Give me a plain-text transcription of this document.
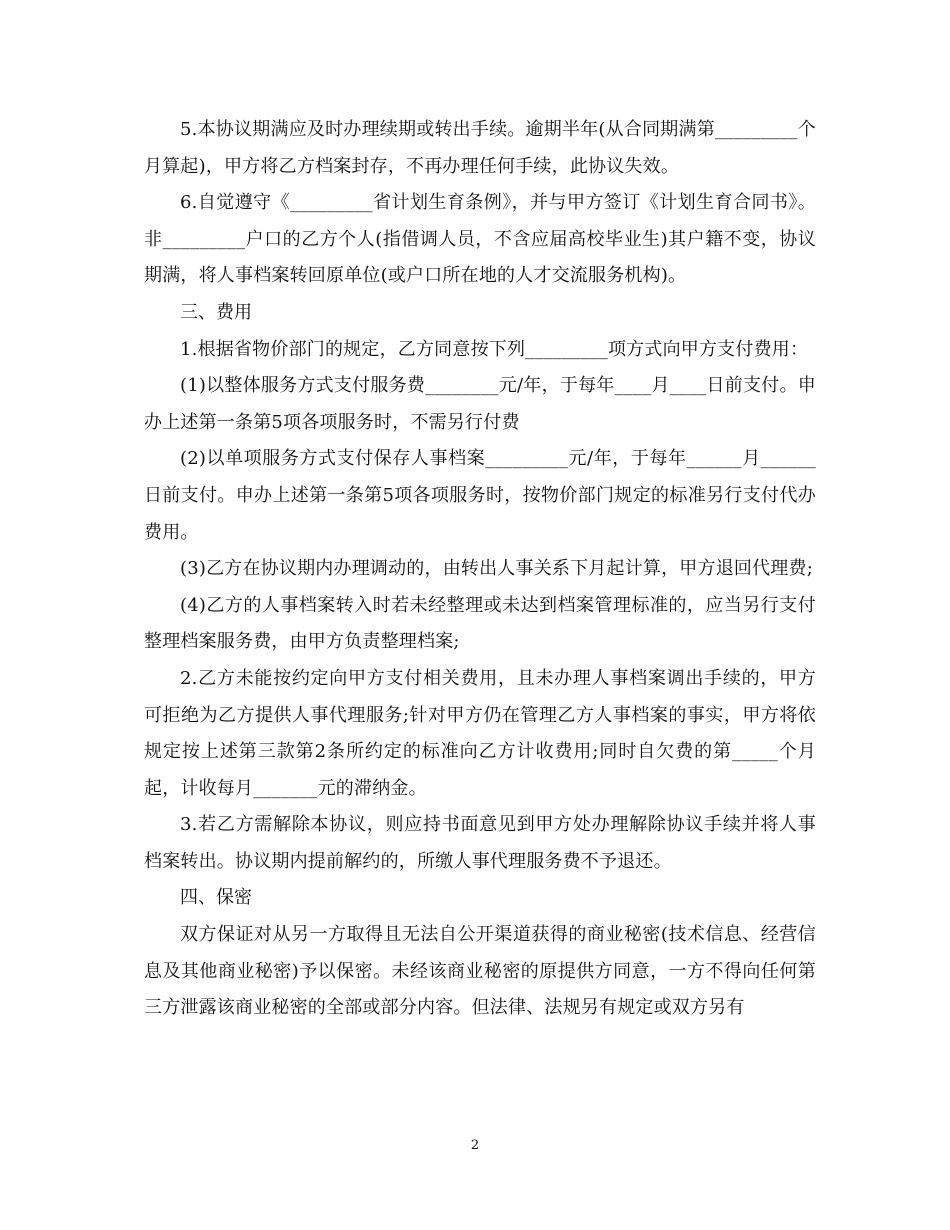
5.本协议期满应及时办理续期或转出手续。逾期半年(从合同期满第_________个月算起)，甲方将乙方档案封存，不再办理任何手续，此协议失效。

6.自觉遵守《_________省计划生育条例》，并与甲方签订《计划生育合同书》。非_________户口的乙方个人(指借调人员，不含应届高校毕业生)其户籍不变，协议期满，将人事档案转回原单位(或户口所在地的人才交流服务机构)。

三、费用

1.根据省物价部门的规定，乙方同意按下列_________项方式向甲方支付费用：

(1)以整体服务方式支付服务费________元/年，于每年____月____日前支付。申办上述第一条第5项各项服务时，不需另行付费

(2)以单项服务方式支付保存人事档案_________元/年，于每年______月______日前支付。申办上述第一条第5项各项服务时，按物价部门规定的标准另行支付代办费用。

(3)乙方在协议期内办理调动的，由转出人事关系下月起计算，甲方退回代理费;

(4)乙方的人事档案转入时若未经整理或未达到档案管理标准的，应当另行支付整理档案服务费，由甲方负责整理档案;

2.乙方未能按约定向甲方支付相关费用，且未办理人事档案调出手续的，甲方可拒绝为乙方提供人事代理服务;针对甲方仍在管理乙方人事档案的事实，甲方将依规定按上述第三款第2条所约定的标准向乙方计收费用;同时自欠费的第_____个月起，计收每月_______元的滞纳金。

3.若乙方需解除本协议，则应持书面意见到甲方处办理解除协议手续并将人事档案转出。协议期内提前解约的，所缴人事代理服务费不予退还。

四、保密

双方保证对从另一方取得且无法自公开渠道获得的商业秘密(技术信息、经营信息及其他商业秘密)予以保密。未经该商业秘密的原提供方同意，一方不得向任何第三方泄露该商业秘密的全部或部分内容。但法律、法规另有规定或双方另有

2
